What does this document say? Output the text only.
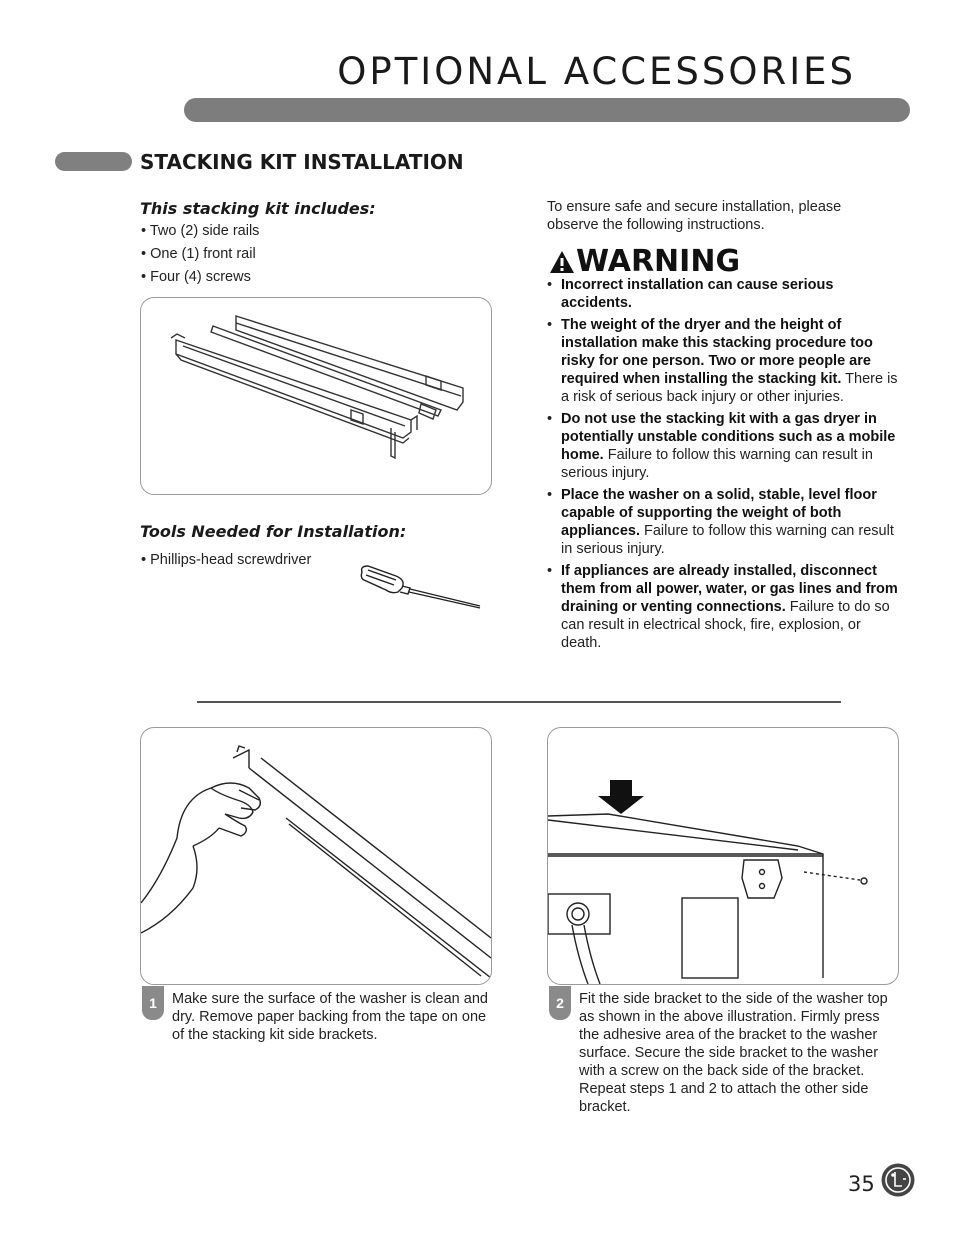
OPTIONAL ACCESSORIES
STACKING KIT INSTALLATION
This stacking kit includes:
• Two (2) side rails
• One (1) front rail
• Four (4) screws
Tools Needed for Installation:
• Phillips-head screwdriver
To ensure safe and secure installation, please observe the following instructions.
WARNING
• Incorrect installation can cause serious accidents.
• The weight of the dryer and the height of installation make this stacking procedure too risky for one person. Two or more people are required when installing the stacking kit. There is a risk of serious back injury or other injuries.
• Do not use the stacking kit with a gas dryer in potentially unstable conditions such as a mobile home. Failure to follow this warning can result in serious injury.
• Place the washer on a solid, stable, level floor capable of supporting the weight of both appliances. Failure to follow this warning can result in serious injury.
• If appliances are already installed, disconnect them from all power, water, or gas lines and from draining or venting connections. Failure to do so can result in electrical shock, fire, explosion, or death.
1	Make sure the surface of the washer is clean and dry. Remove paper backing from the tape on one of the stacking kit side brackets.
2	Fit the side bracket to the side of the washer top as shown in the above illustration. Firmly press the adhesive area of the bracket to the washer surface. Secure the side bracket to the washer with a screw on the back side of the bracket. Repeat steps 1 and 2 to attach the other side bracket.
35
